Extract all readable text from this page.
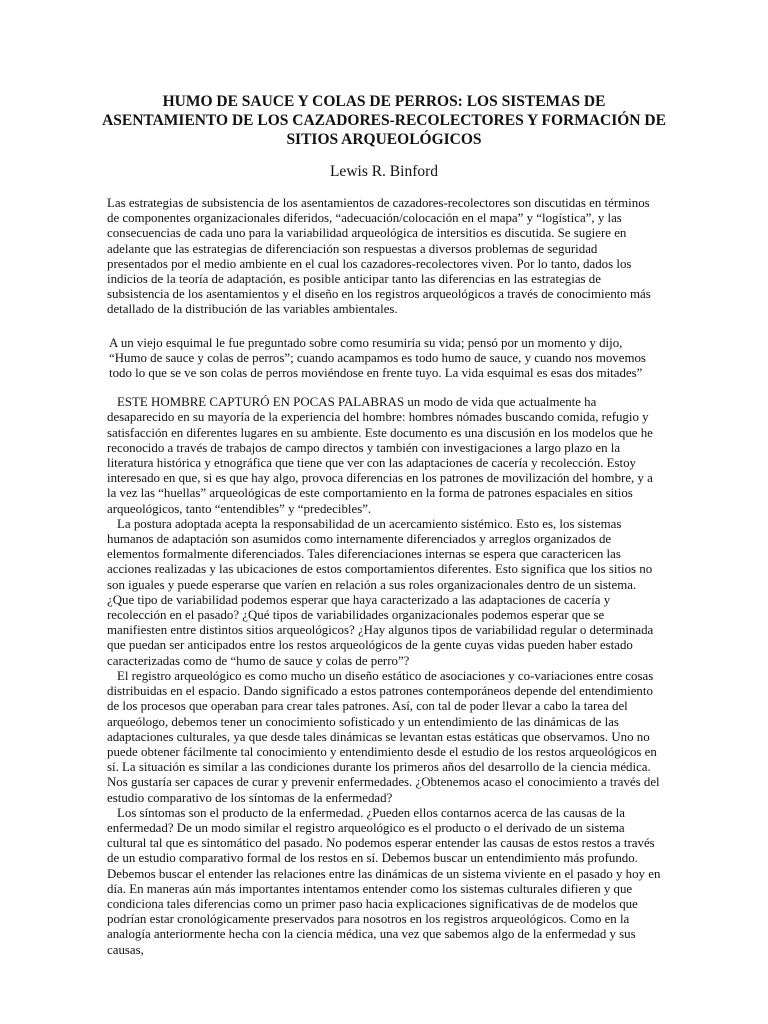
HUMO DE SAUCE Y COLAS DE PERROS: LOS SISTEMAS DE ASENTAMIENTO DE LOS CAZADORES-RECOLECTORES Y FORMACIÓN DE SITIOS ARQUEOLÓGICOS
Lewis R. Binford

Las estrategias de subsistencia de los asentamientos de cazadores-recolectores son discutidas en términos de componentes organizacionales diferidos, “adecuación/colocación en el mapa” y “logística”, y las consecuencias de cada uno para la variabilidad arqueológica de intersitios es discutida. Se sugiere en adelante que las estrategias de diferenciación son respuestas a diversos problemas de seguridad presentados por el medio ambiente en el cual los cazadores-recolectores viven. Por lo tanto, dados los indicios de la teoría de adaptación, es posible anticipar tanto las diferencias en las estrategias de subsistencia de los asentamientos y el diseño en los registros arqueológicos a través de conocimiento más detallado de la distribución de las variables ambientales.

A un viejo esquimal le fue preguntado sobre como resumiría su vida; pensó por un momento y dijo, “Humo de sauce y colas de perros”; cuando acampamos es todo humo de sauce, y cuando nos movemos todo lo que se ve son colas de perros moviéndose en frente tuyo. La vida esquimal es esas dos mitades”

ESTE HOMBRE CAPTURÓ EN POCAS PALABRAS un modo de vida que actualmente ha desaparecido en su mayoría de la experiencia del hombre: hombres nómades buscando comida, refugio y satisfacción en diferentes lugares en su ambiente. Este documento es una discusión en los modelos que he reconocido a través de trabajos de campo directos y también con investigaciones a largo plazo en la literatura histórica y etnográfica que tiene que ver con las adaptaciones de cacería y recolección. Estoy interesado en que, si es que hay algo, provoca diferencias en los patrones de movilización del hombre, y a la vez las “huellas” arqueológicas de este comportamiento en la forma de patrones espaciales en sitios arqueológicos, tanto “entendibles” y “predecibles”.

La postura adoptada acepta la responsabilidad de un acercamiento sistémico. Esto es, los sistemas humanos de adaptación son asumidos como internamente diferenciados y arreglos organizados de elementos formalmente diferenciados. Tales diferenciaciones internas se espera que caractericen las acciones realizadas y las ubicaciones de estos comportamientos diferentes. Esto significa que los sitios no son iguales y puede esperarse que varíen en relación a sus roles organizacionales dentro de un sistema. ¿Que tipo de variabilidad podemos esperar que haya caracterizado a las adaptaciones de cacería y recolección en el pasado? ¿Qué tipos de variabilidades organizacionales podemos esperar que se manifiesten entre distintos sitios arqueológicos? ¿Hay algunos tipos de variabilidad regular o determinada que puedan ser anticipados entre los restos arqueológicos de la gente cuyas vidas pueden haber estado caracterizadas como de “humo de sauce y colas de perro”?

El registro arqueológico es como mucho un diseño estático de asociaciones y co-variaciones entre cosas distribuidas en el espacio. Dando significado a estos patrones contemporáneos depende del entendimiento de los procesos que operaban para crear tales patrones. Así, con tal de poder llevar a cabo la tarea del arqueólogo, debemos tener un conocimiento sofisticado y un entendimiento de las dinámicas de las adaptaciones culturales, ya que desde tales dinámicas se levantan estas estáticas que observamos. Uno no puede obtener fácilmente tal conocimiento y entendimiento desde el estudio de los restos arqueológicos en sí. La situación es similar a las condiciones durante los primeros años del desarrollo de la ciencia médica. Nos gustaría ser capaces de curar y prevenir enfermedades. ¿Obtenemos acaso el conocimiento a través del estudio comparativo de los síntomas de la enfermedad?

Los síntomas son el producto de la enfermedad. ¿Pueden ellos contarnos acerca de las causas de la enfermedad? De un modo similar el registro arqueológico es el producto o el derivado de un sistema cultural tal que es sintomático del pasado. No podemos esperar entender las causas de estos restos a través de un estudio comparativo formal de los restos en sí. Debemos buscar un entendimiento más profundo. Debemos buscar el entender las relaciones entre las dinámicas de un sistema viviente en el pasado y hoy en día. En maneras aún más importantes intentamos entender como los sistemas culturales difieren y que condiciona tales diferencias como un primer paso hacia explicaciones significativas de de modelos que podrían estar cronológicamente preservados para nosotros en los registros arqueológicos. Como en la analogía anteriormente hecha con la ciencia médica, una vez que sabemos algo de la enfermedad y sus causas,
